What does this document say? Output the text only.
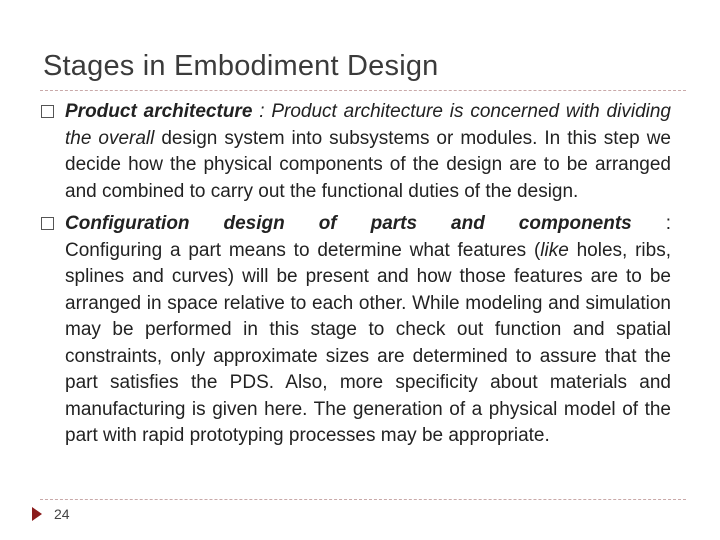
Stages in Embodiment Design
Product architecture : Product architecture is concerned with dividing the overall design system into subsystems or modules. In this step we decide how the physical components of the design are to be arranged and combined to carry out the functional duties of the design.
Configuration design of parts and components :
Configuring a part means to determine what features (like holes, ribs, splines and curves) will be present and how those features are to be arranged in space relative to each other. While modeling and simulation may be performed in this stage to check out function and spatial constraints, only approximate sizes are determined to assure that the part satisfies the PDS. Also, more specificity about materials and manufacturing is given here. The generation of a physical model of the part with rapid prototyping processes may be appropriate.
24
